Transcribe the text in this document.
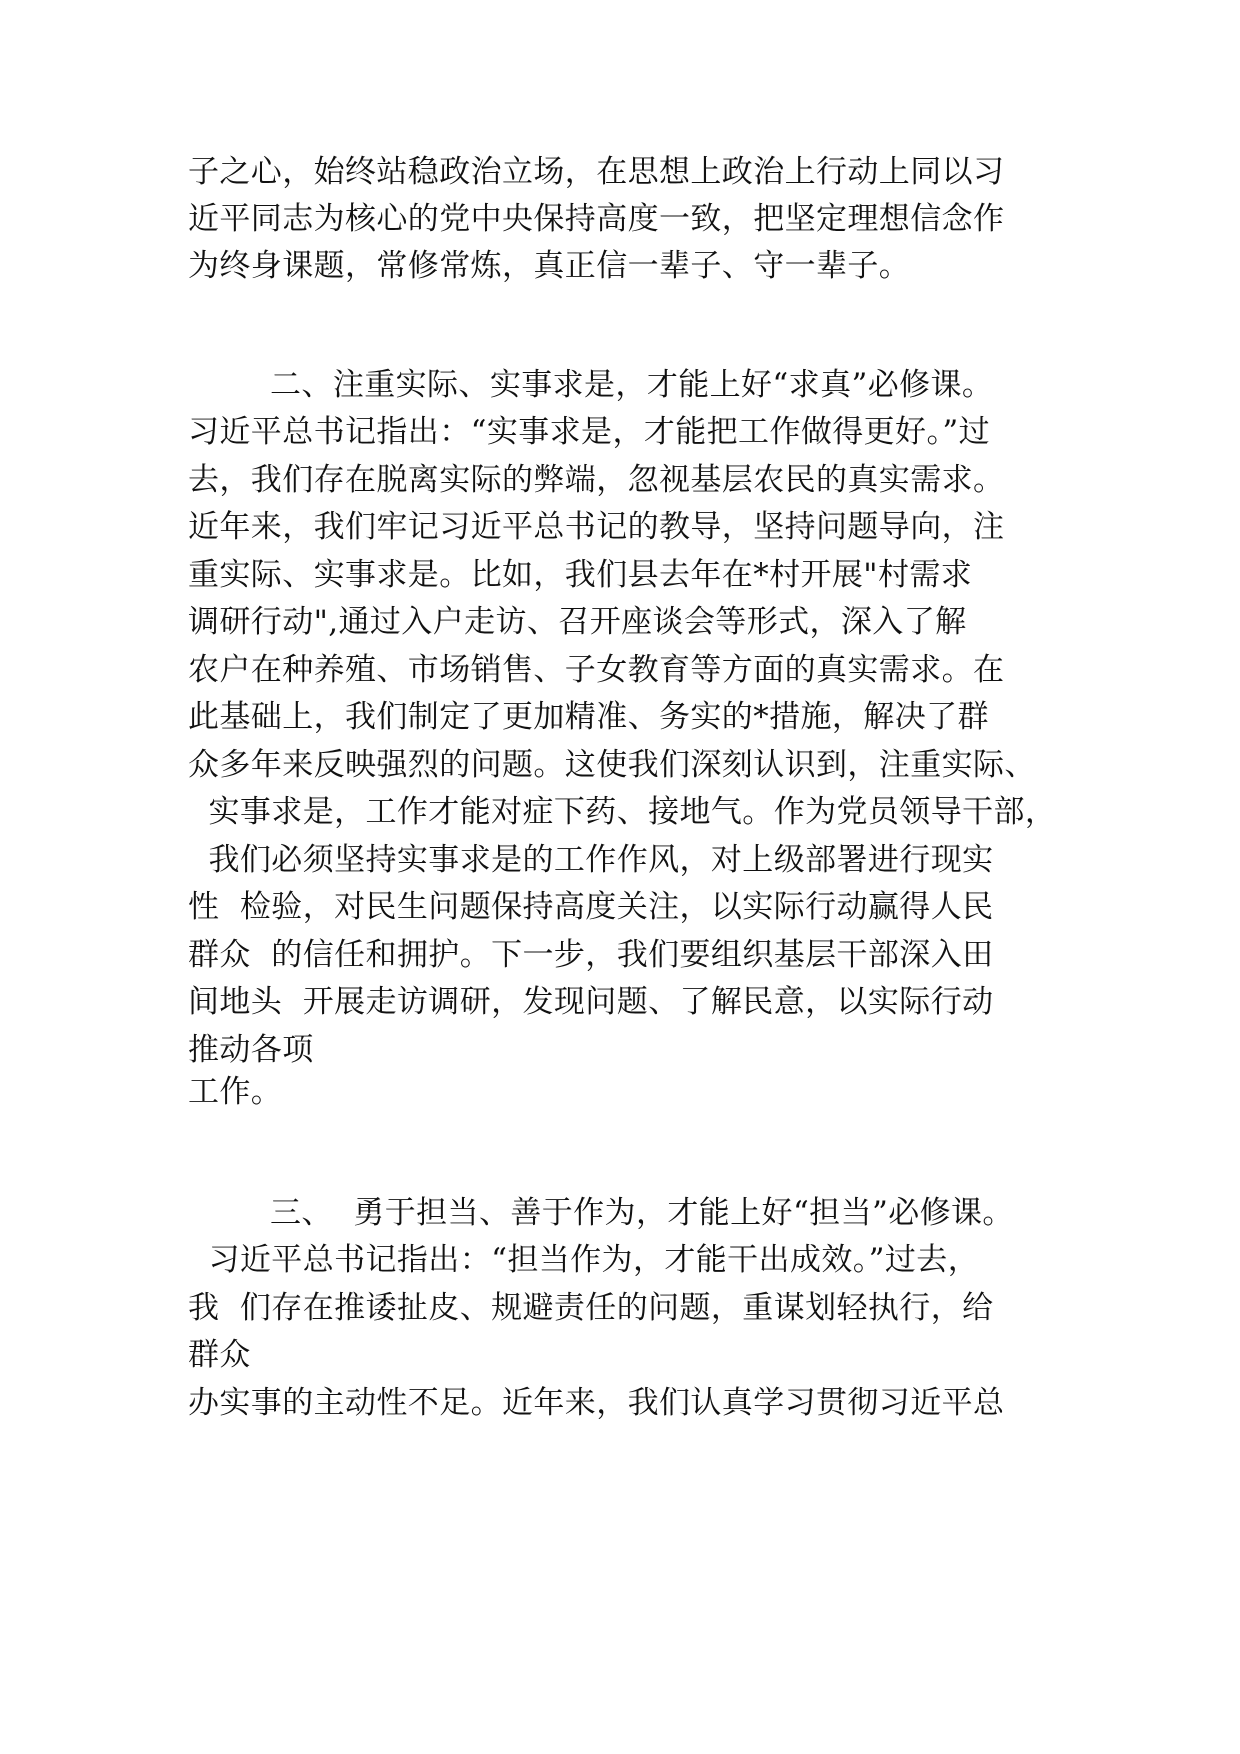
子之心，始终站稳政治立场，在思想上政治上行动上同以习
近平同志为核心的党中央保持高度一致，把坚定理想信念作
为终身课题，常修常炼，真正信一辈子、守一辈子。
二、注重实际、实事求是，才能上好“求真”必修课。
习近平总书记指出：“实事求是，才能把工作做得更好。”过
去，我们存在脱离实际的弊端，忽视基层农民的真实需求。
近年来，我们牢记习近平总书记的教导，坚持问题导向，注
重实际、实事求是。比如，我们县去年在*村开展"村需求
调研行动",通过入户走访、召开座谈会等形式，深入了解
农户在种养殖、市场销售、子女教育等方面的真实需求。在
此基础上，我们制定了更加精准、务实的*措施，解决了群
众多年来反映强烈的问题。这使我们深刻认识到，注重实际、
实事求是，工作才能对症下药、接地气。作为党员领导干部，
我们必须坚持实事求是的工作作风，对上级部署进行现实
性  检验，对民生问题保持高度关注，以实际行动赢得人民
群众  的信任和拥护。下一步，我们要组织基层干部深入田
间地头  开展走访调研，发现问题、了解民意，以实际行动
推动各项
工作。
三、  勇于担当、善于作为，才能上好“担当”必修课。
习近平总书记指出：“担当作为，才能干出成效。”过去，
我  们存在推诿扯皮、规避责任的问题，重谋划轻执行，给
群众
办实事的主动性不足。近年来，我们认真学习贯彻习近平总
